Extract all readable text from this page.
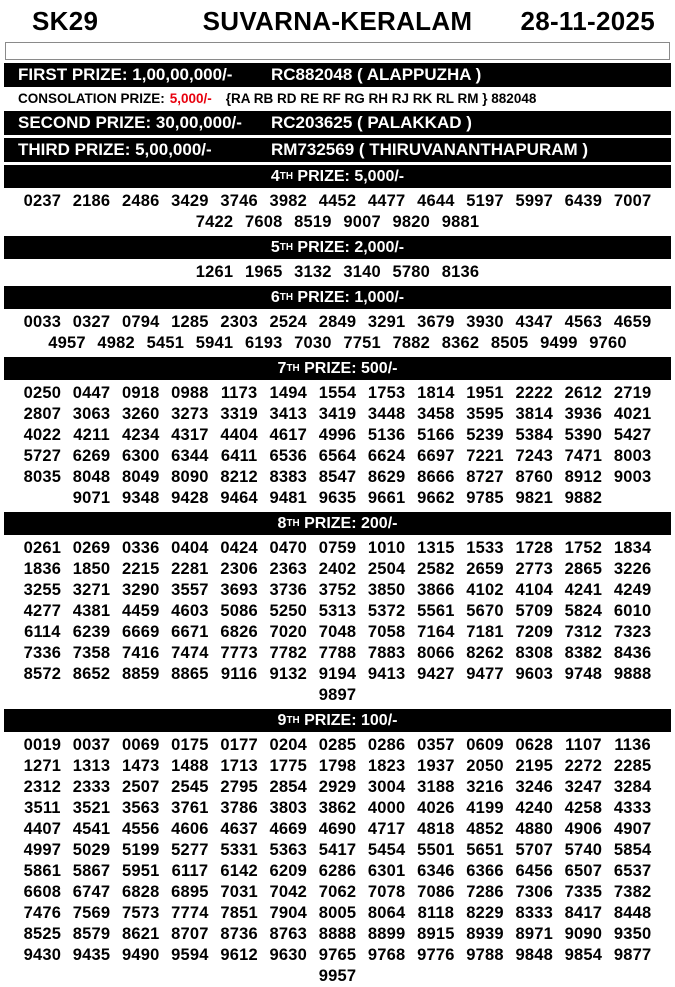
SK29	SUVARNA-KERALAM 28-11-2025
FIRST PRIZE: 1,00,00,000/-	RC882048 ( ALAPPUZHA )
CONSOLATION PRIZE: 5,000/- {RA RB RD RE RF RG RH RJ RK RL RM } 882048
SECOND PRIZE: 30,00,000/-	RC203625 ( PALAKKAD )
THIRD PRIZE: 5,00,000/-	RM732569 ( THIRUVANANTHAPURAM )
4 TH PRIZE: 5,000/-
0237 2186 2486 3429 3746 3982 4452 4477 4644 5197 5997 6439 7007
7422 7608 8519 9007 9820 9881
5 TH PRIZE: 2,000/-
1261 1965 3132 3140 5780 8136
6 TH PRIZE: 1,000/-
0033 0327 0794 1285 2303 2524 2849 3291 3679 3930 4347 4563 4659
4957 4982 5451 5941 6193 7030 7751 7882 8362 8505 9499 9760
7 TH PRIZE: 500/-
0250 0447 0918 0988 1173 1494 1554 1753 1814 1951 2222 2612 2719
2807 3063 3260 3273 3319 3413 3419 3448 3458 3595 3814 3936 4021
4022 4211 4234 4317 4404 4617 4996 5136 5166 5239 5384 5390 5427
5727 6269 6300 6344 6411 6536 6564 6624 6697 7221 7243 7471 8003
8035 8048 8049 8090 8212 8383 8547 8629 8666 8727 8760 8912 9003
9071 9348 9428 9464 9481 9635 9661 9662 9785 9821 9882
8 TH PRIZE: 200/-
0261 0269 0336 0404 0424 0470 0759 1010 1315 1533 1728 1752 1834
1836 1850 2215 2281 2306 2363 2402 2504 2582 2659 2773 2865 3226
3255 3271 3290 3557 3693 3736 3752 3850 3866 4102 4104 4241 4249
4277 4381 4459 4603 5086 5250 5313 5372 5561 5670 5709 5824 6010
6114 6239 6669 6671 6826 7020 7048 7058 7164 7181 7209 7312 7323
7336 7358 7416 7474 7773 7782 7788 7883 8066 8262 8308 8382 8436
8572 8652 8859 8865 9116 9132 9194 9413 9427 9477 9603 9748 9888
9897
9 TH PRIZE: 100/-
0019 0037 0069 0175 0177 0204 0285 0286 0357 0609 0628 1107 1136
1271 1313 1473 1488 1713 1775 1798 1823 1937 2050 2195 2272 2285
2312 2333 2507 2545 2795 2854 2929 3004 3188 3216 3246 3247 3284
3511 3521 3563 3761 3786 3803 3862 4000 4026 4199 4240 4258 4333
4407 4541 4556 4606 4637 4669 4690 4717 4818 4852 4880 4906 4907
4997 5029 5199 5277 5331 5363 5417 5454 5501 5651 5707 5740 5854
5861 5867 5951 6117 6142 6209 6286 6301 6346 6366 6456 6507 6537
6608 6747 6828 6895 7031 7042 7062 7078 7086 7286 7306 7335 7382
7476 7569 7573 7774 7851 7904 8005 8064 8118 8229 8333 8417 8448
8525 8579 8621 8707 8736 8763 8888 8899 8915 8939 8971 9090 9350
9430 9435 9490 9594 9612 9630 9765 9768 9776 9788 9848 9854 9877
9957
